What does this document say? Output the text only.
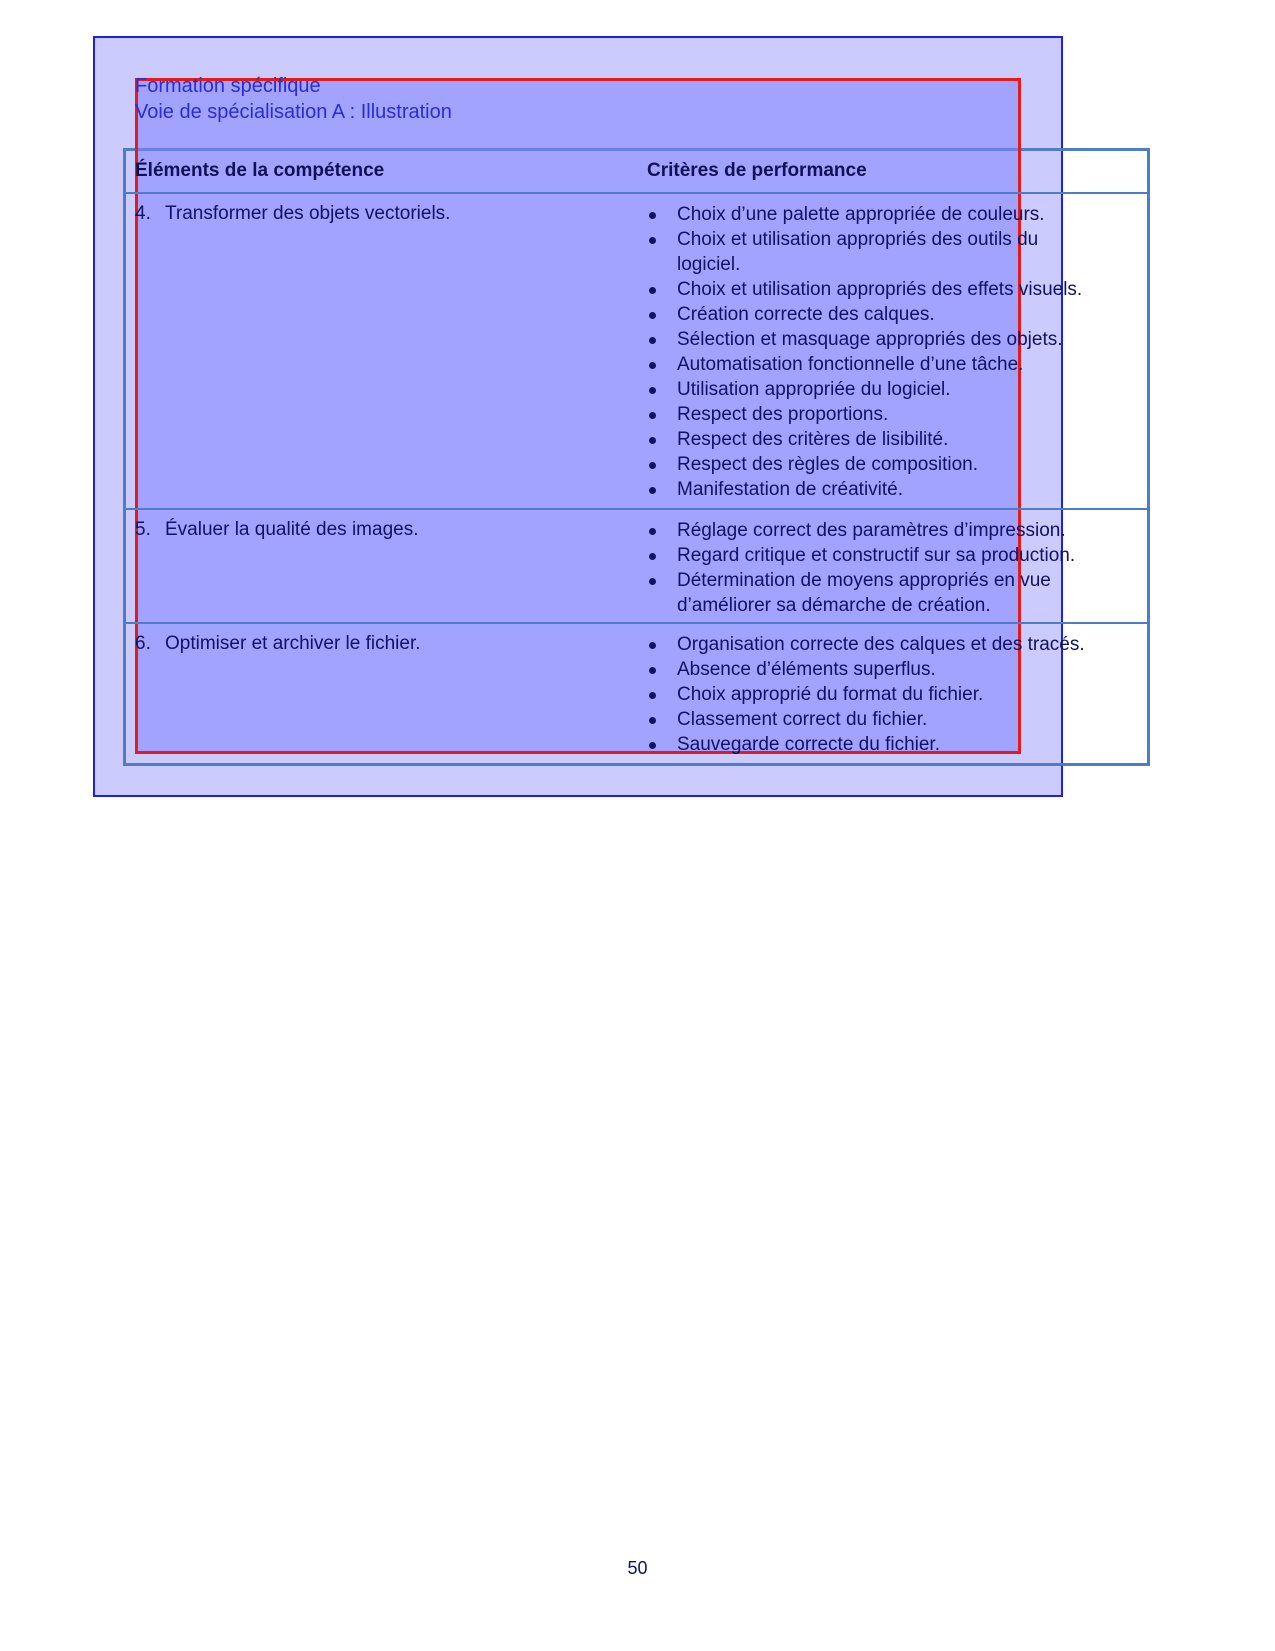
Formation spécifique
Voie de spécialisation A : Illustration
Éléments de la compétence	Critères de performance
4. Transformer des objets vectoriels.	Choix d’une palette appropriée de couleurs.
Choix et utilisation appropriés des outils du
logiciel.
Choix et utilisation appropriés des effets visuels.
Création correcte des calques.
Sélection et masquage appropriés des objets.
Automatisation fonctionnelle d’une tâche.
Utilisation appropriée du logiciel.
Respect des proportions.
Respect des critères de lisibilité.
Respect des règles de composition.
Manifestation de créativité.
5. Évaluer la qualité des images.	Réglage correct des paramètres d’impression.
Regard critique et constructif sur sa production.
Détermination de moyens appropriés en vue
d’améliorer sa démarche de création.
6. Optimiser et archiver le fichier.	Organisation correcte des calques et des tracés.
Absence d’éléments superflus.
Choix approprié du format du fichier.
Classement correct du fichier.
Sauvegarde correcte du fichier.
50
